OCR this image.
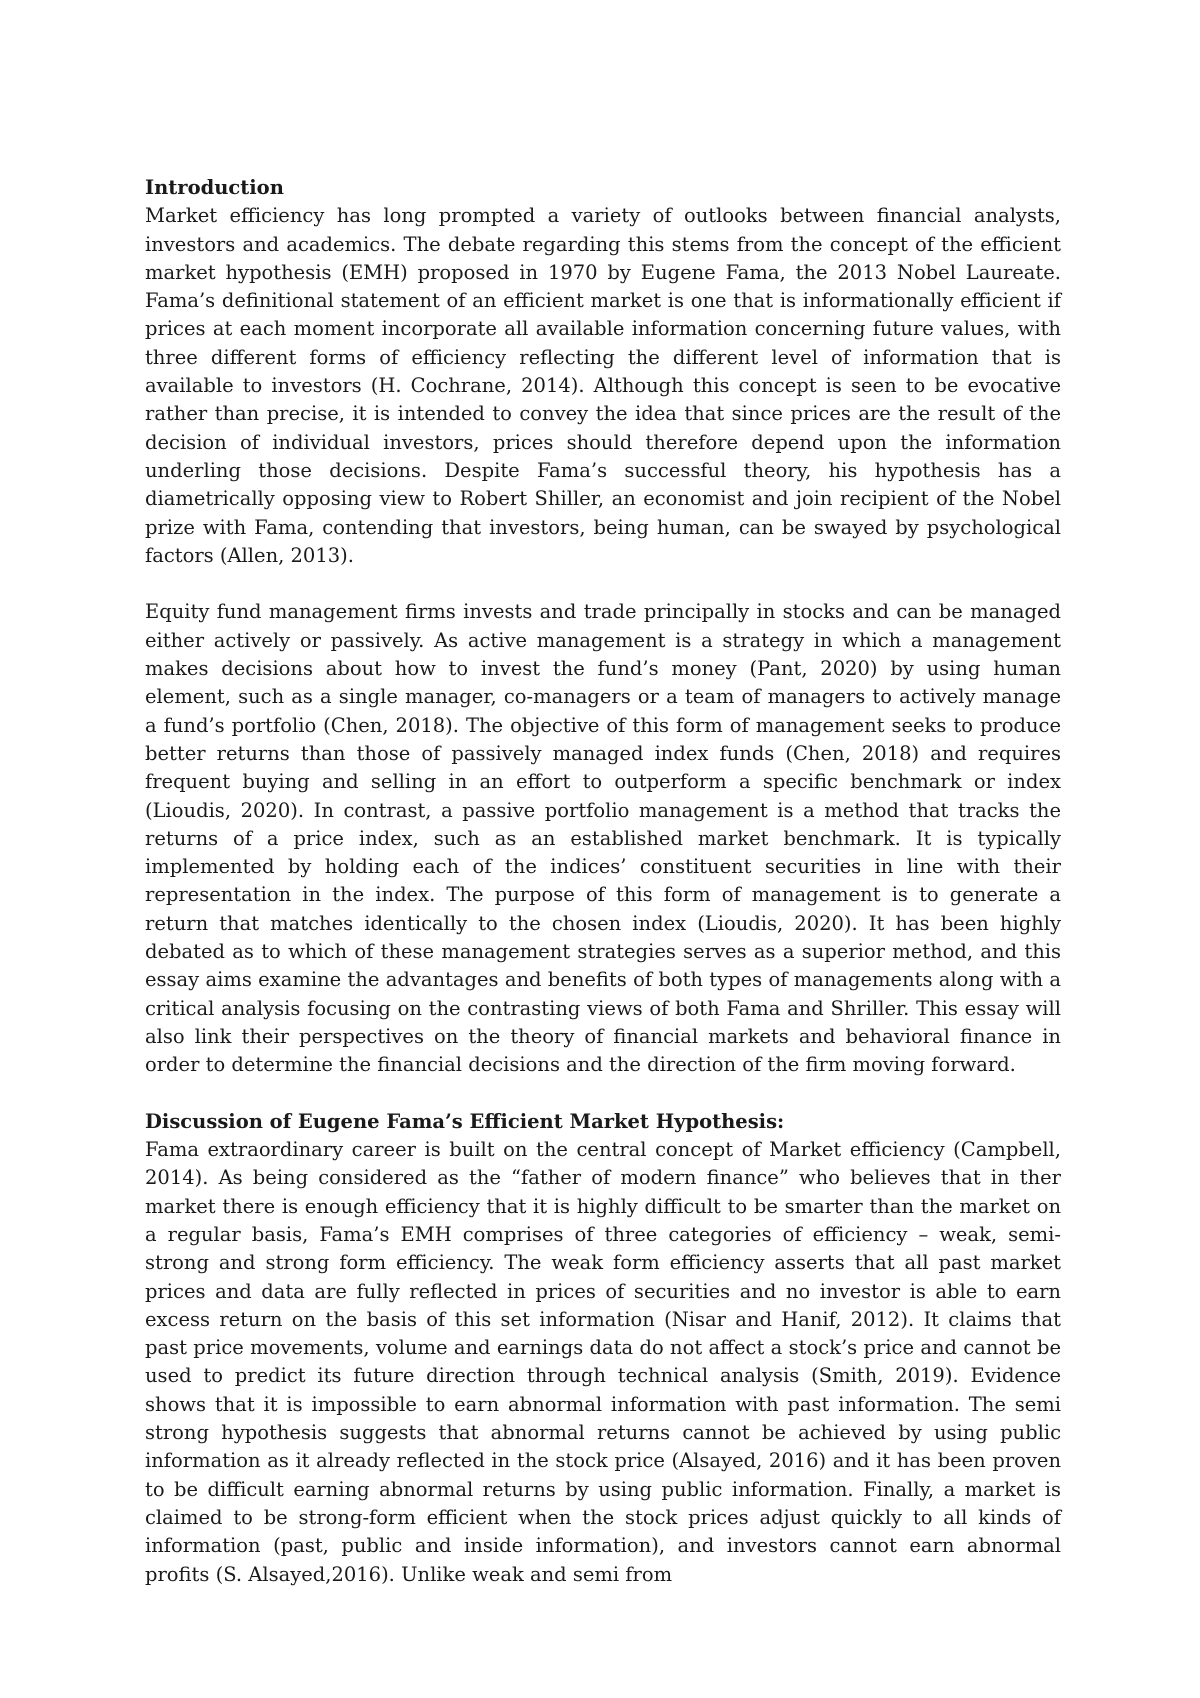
Introduction
Market efficiency has long prompted a variety of outlooks between financial analysts, investors and academics. The debate regarding this stems from the concept of the efficient market hypothesis (EMH) proposed in 1970 by Eugene Fama, the 2013 Nobel Laureate. Fama’s definitional statement of an efficient market is one that is informationally efficient if prices at each moment incorporate all available information concerning future values, with three different forms of efficiency reflecting the different level of information that is available to investors (H. Cochrane, 2014). Although this concept is seen to be evocative rather than precise, it is intended to convey the idea that since prices are the result of the decision of individual investors, prices should therefore depend upon the information underling those decisions. Despite Fama’s successful theory, his hypothesis has a diametrically opposing view to Robert Shiller, an economist and join recipient of the Nobel prize with Fama, contending that investors, being human, can be swayed by psychological factors (Allen, 2013).
Equity fund management firms invests and trade principally in stocks and can be managed either actively or passively. As active management is a strategy in which a management makes decisions about how to invest the fund’s money (Pant, 2020) by using human element, such as a single manager, co-managers or a team of managers to actively manage a fund’s portfolio (Chen, 2018). The objective of this form of management seeks to produce better returns than those of passively managed index funds (Chen, 2018) and requires frequent buying and selling in an effort to outperform a specific benchmark or index (Lioudis, 2020). In contrast, a passive portfolio management is a method that tracks the returns of a price index, such as an established market benchmark. It is typically implemented by holding each of the indices’ constituent securities in line with their representation in the index. The purpose of this form of management is to generate a return that matches identically to the chosen index (Lioudis, 2020). It has been highly debated as to which of these management strategies serves as a superior method, and this essay aims examine the advantages and benefits of both types of managements along with a critical analysis focusing on the contrasting views of both Fama and Shriller. This essay will also link their perspectives on the theory of financial markets and behavioral finance in order to determine the financial decisions and the direction of the firm moving forward.
Discussion of Eugene Fama’s Efficient Market Hypothesis:
Fama extraordinary career is built on the central concept of Market efficiency (Campbell, 2014). As being considered as the “father of modern finance” who believes that in ther market there is enough efficiency that it is highly difficult to be smarter than the market on a regular basis, Fama’s EMH comprises of three categories of efficiency – weak, semi-strong and strong form efficiency. The weak form efficiency asserts that all past market prices and data are fully reflected in prices of securities and no investor is able to earn excess return on the basis of this set information (Nisar and Hanif, 2012). It claims that past price movements, volume and earnings data do not affect a stock’s price and cannot be used to predict its future direction through technical analysis (Smith, 2019). Evidence shows that it is impossible to earn abnormal information with past information. The semi strong hypothesis suggests that abnormal returns cannot be achieved by using public information as it already reflected in the stock price (Alsayed, 2016) and it has been proven to be difficult earning abnormal returns by using public information. Finally, a market is claimed to be strong-form efficient when the stock prices adjust quickly to all kinds of information (past, public and inside information), and investors cannot earn abnormal profits (S. Alsayed,2016). Unlike weak and semi from
